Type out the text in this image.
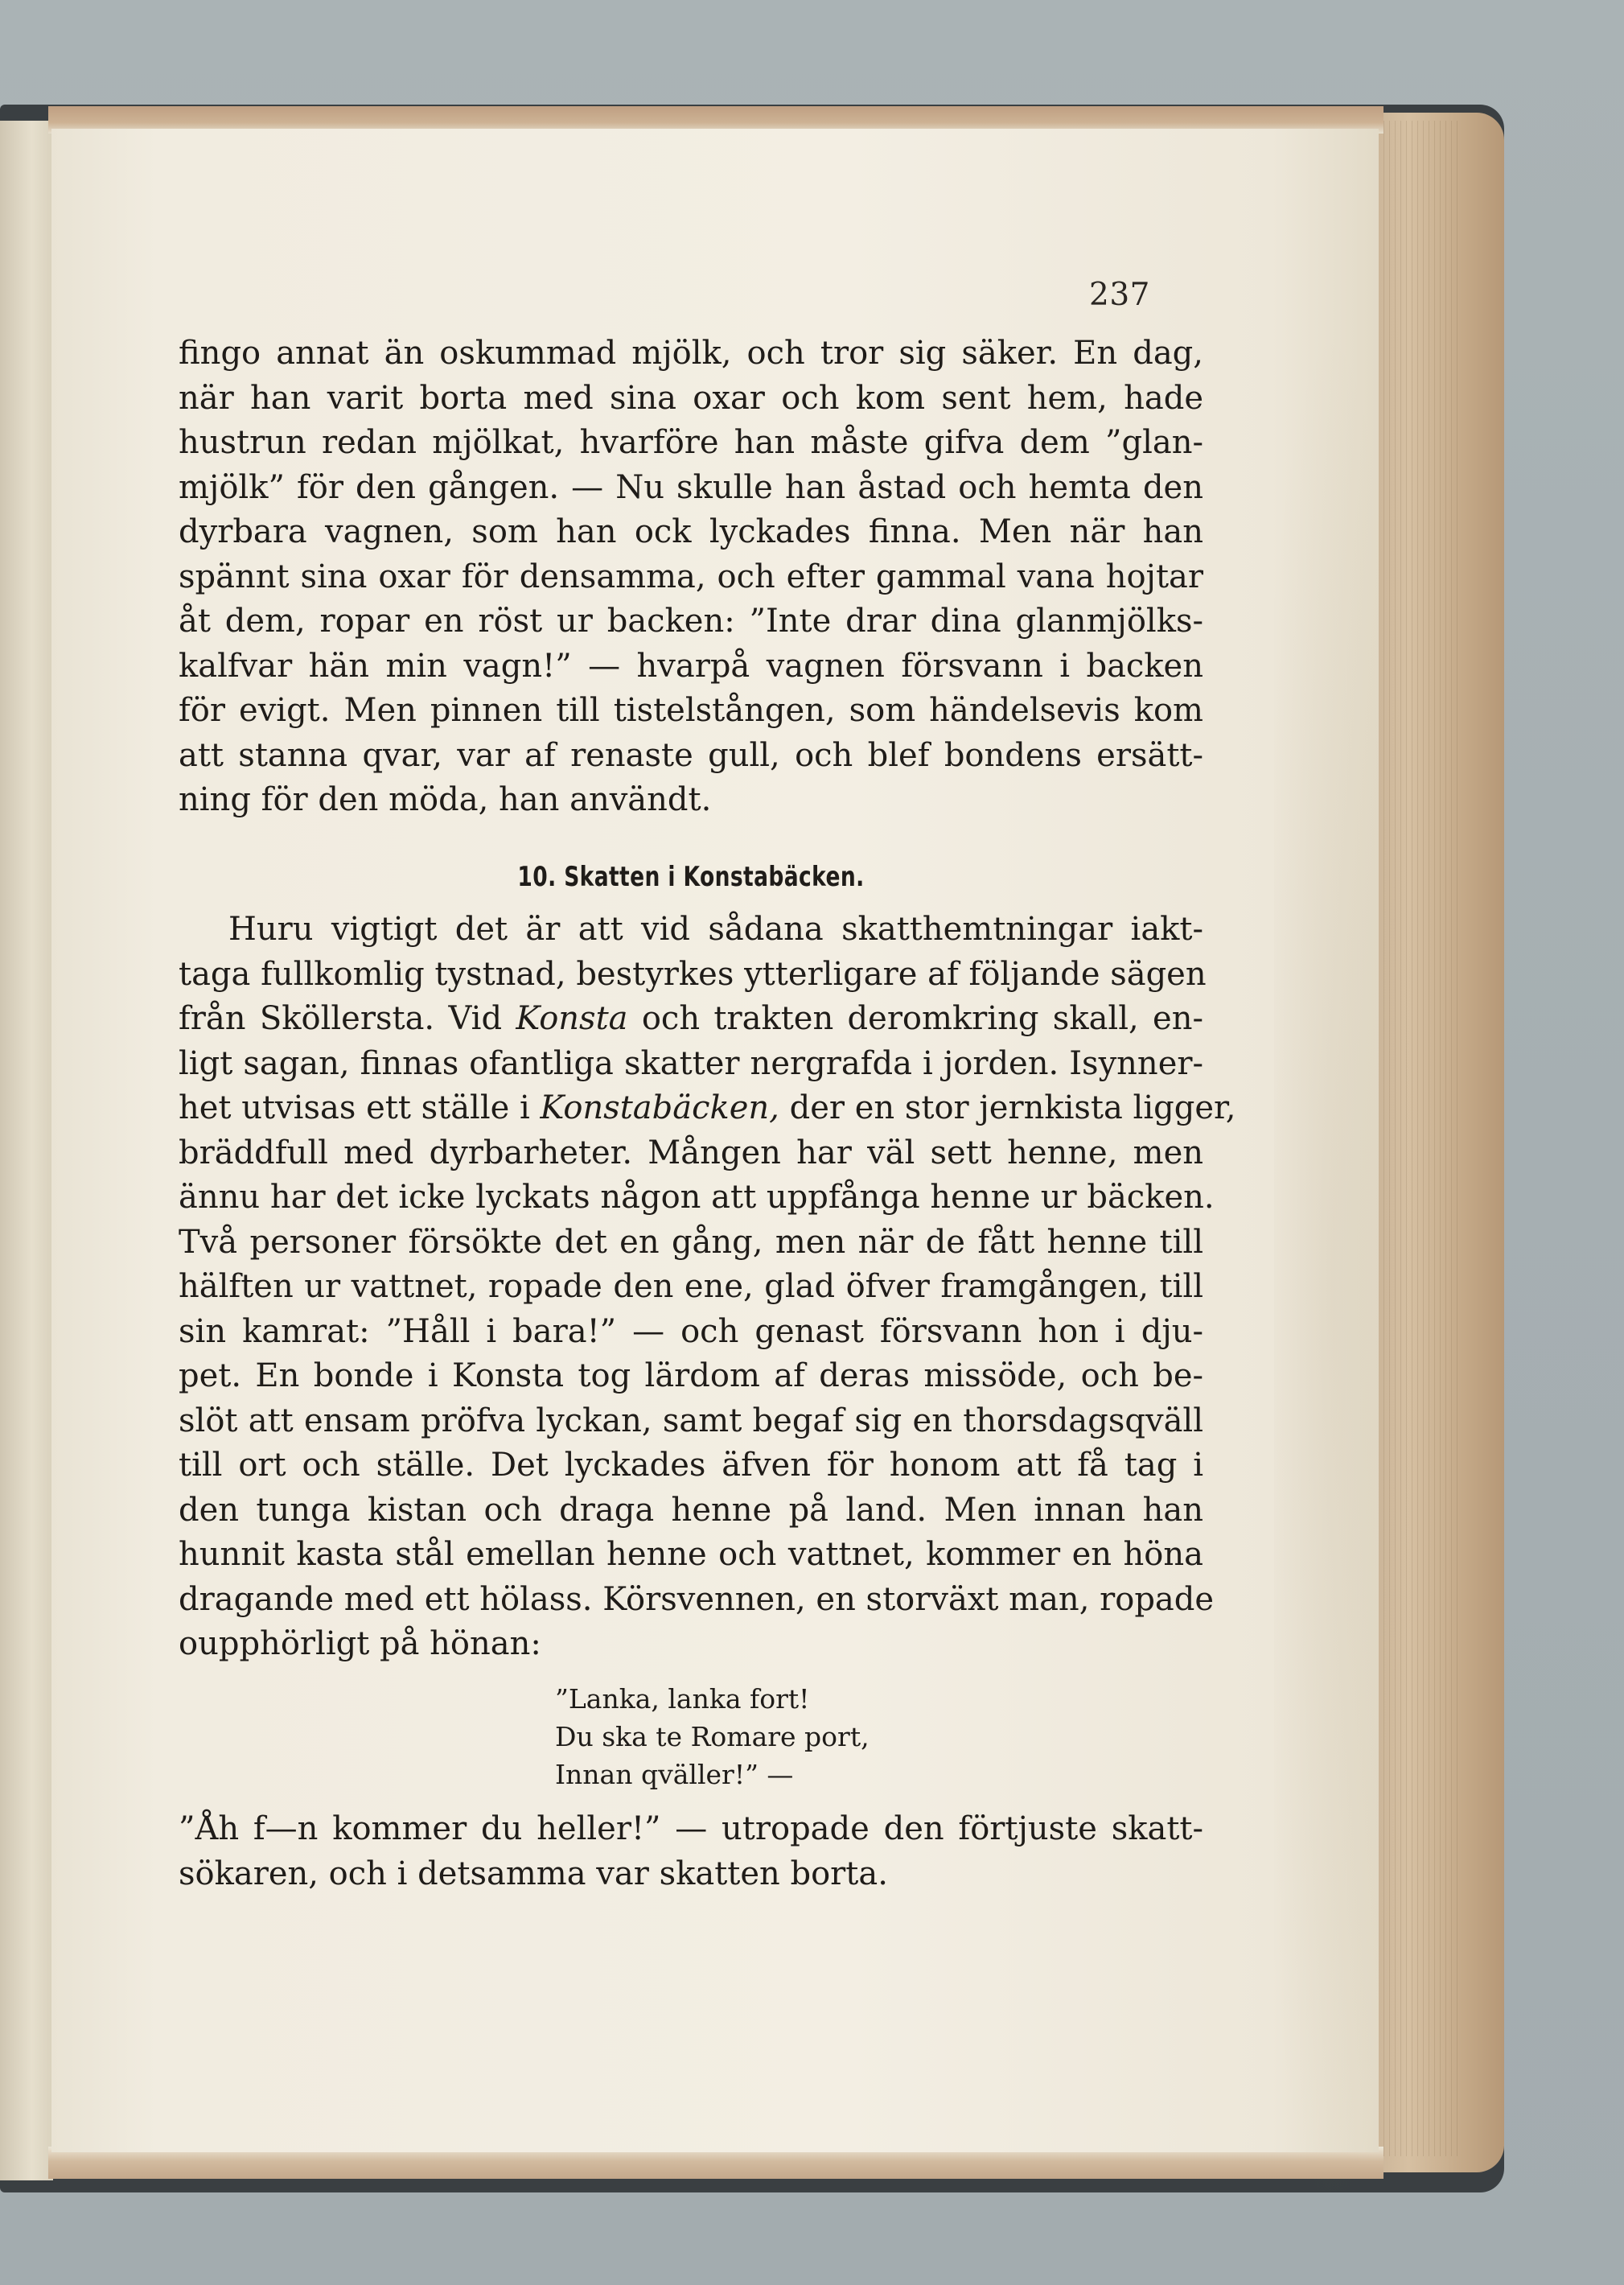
237
fingo annat än oskummad mjölk, och tror sig säker. En dag,
när han varit borta med sina oxar och kom sent hem, hade
hustrun redan mjölkat, hvarföre han måste gifva dem ”glan-
mjölk” för den gången. — Nu skulle han åstad och hemta den
dyrbara vagnen, som han ock lyckades finna. Men när han
spännt sina oxar för densamma, och efter gammal vana hojtar
åt dem, ropar en röst ur backen: ”Inte drar dina glanmjölks-
kalfvar hän min vagn!” — hvarpå vagnen försvann i backen
för evigt. Men pinnen till tistelstången, som händelsevis kom
att stanna qvar, var af renaste gull, och blef bondens ersätt-
ning för den möda, han användt.
10. Skatten i Konstabäcken.
Huru vigtigt det är att vid sådana skatthemtningar iakt-
taga fullkomlig tystnad, bestyrkes ytterligare af följande sägen
från Sköllersta. Vid Konsta och trakten deromkring skall, en-
ligt sagan, finnas ofantliga skatter nergrafda i jorden. Isynner-
het utvisas ett ställe i Konstabäcken, der en stor jernkista ligger,
bräddfull med dyrbarheter. Mången har väl sett henne, men
ännu har det icke lyckats någon att uppfånga henne ur bäcken.
Två personer försökte det en gång, men när de fått henne till
hälften ur vattnet, ropade den ene, glad öfver framgången, till
sin kamrat: ”Håll i bara!” — och genast försvann hon i dju-
pet. En bonde i Konsta tog lärdom af deras missöde, och be-
slöt att ensam pröfva lyckan, samt begaf sig en thorsdagsqväll
till ort och ställe. Det lyckades äfven för honom att få tag i
den tunga kistan och draga henne på land. Men innan han
hunnit kasta stål emellan henne och vattnet, kommer en höna
dragande med ett hölass. Körsvennen, en storväxt man, ropade
oupphörligt på hönan:
”Lanka, lanka fort!
Du ska te Romare port,
Innan qväller!” —
”Åh f—n kommer du heller!” — utropade den förtjuste skatt-
sökaren, och i detsamma var skatten borta.
